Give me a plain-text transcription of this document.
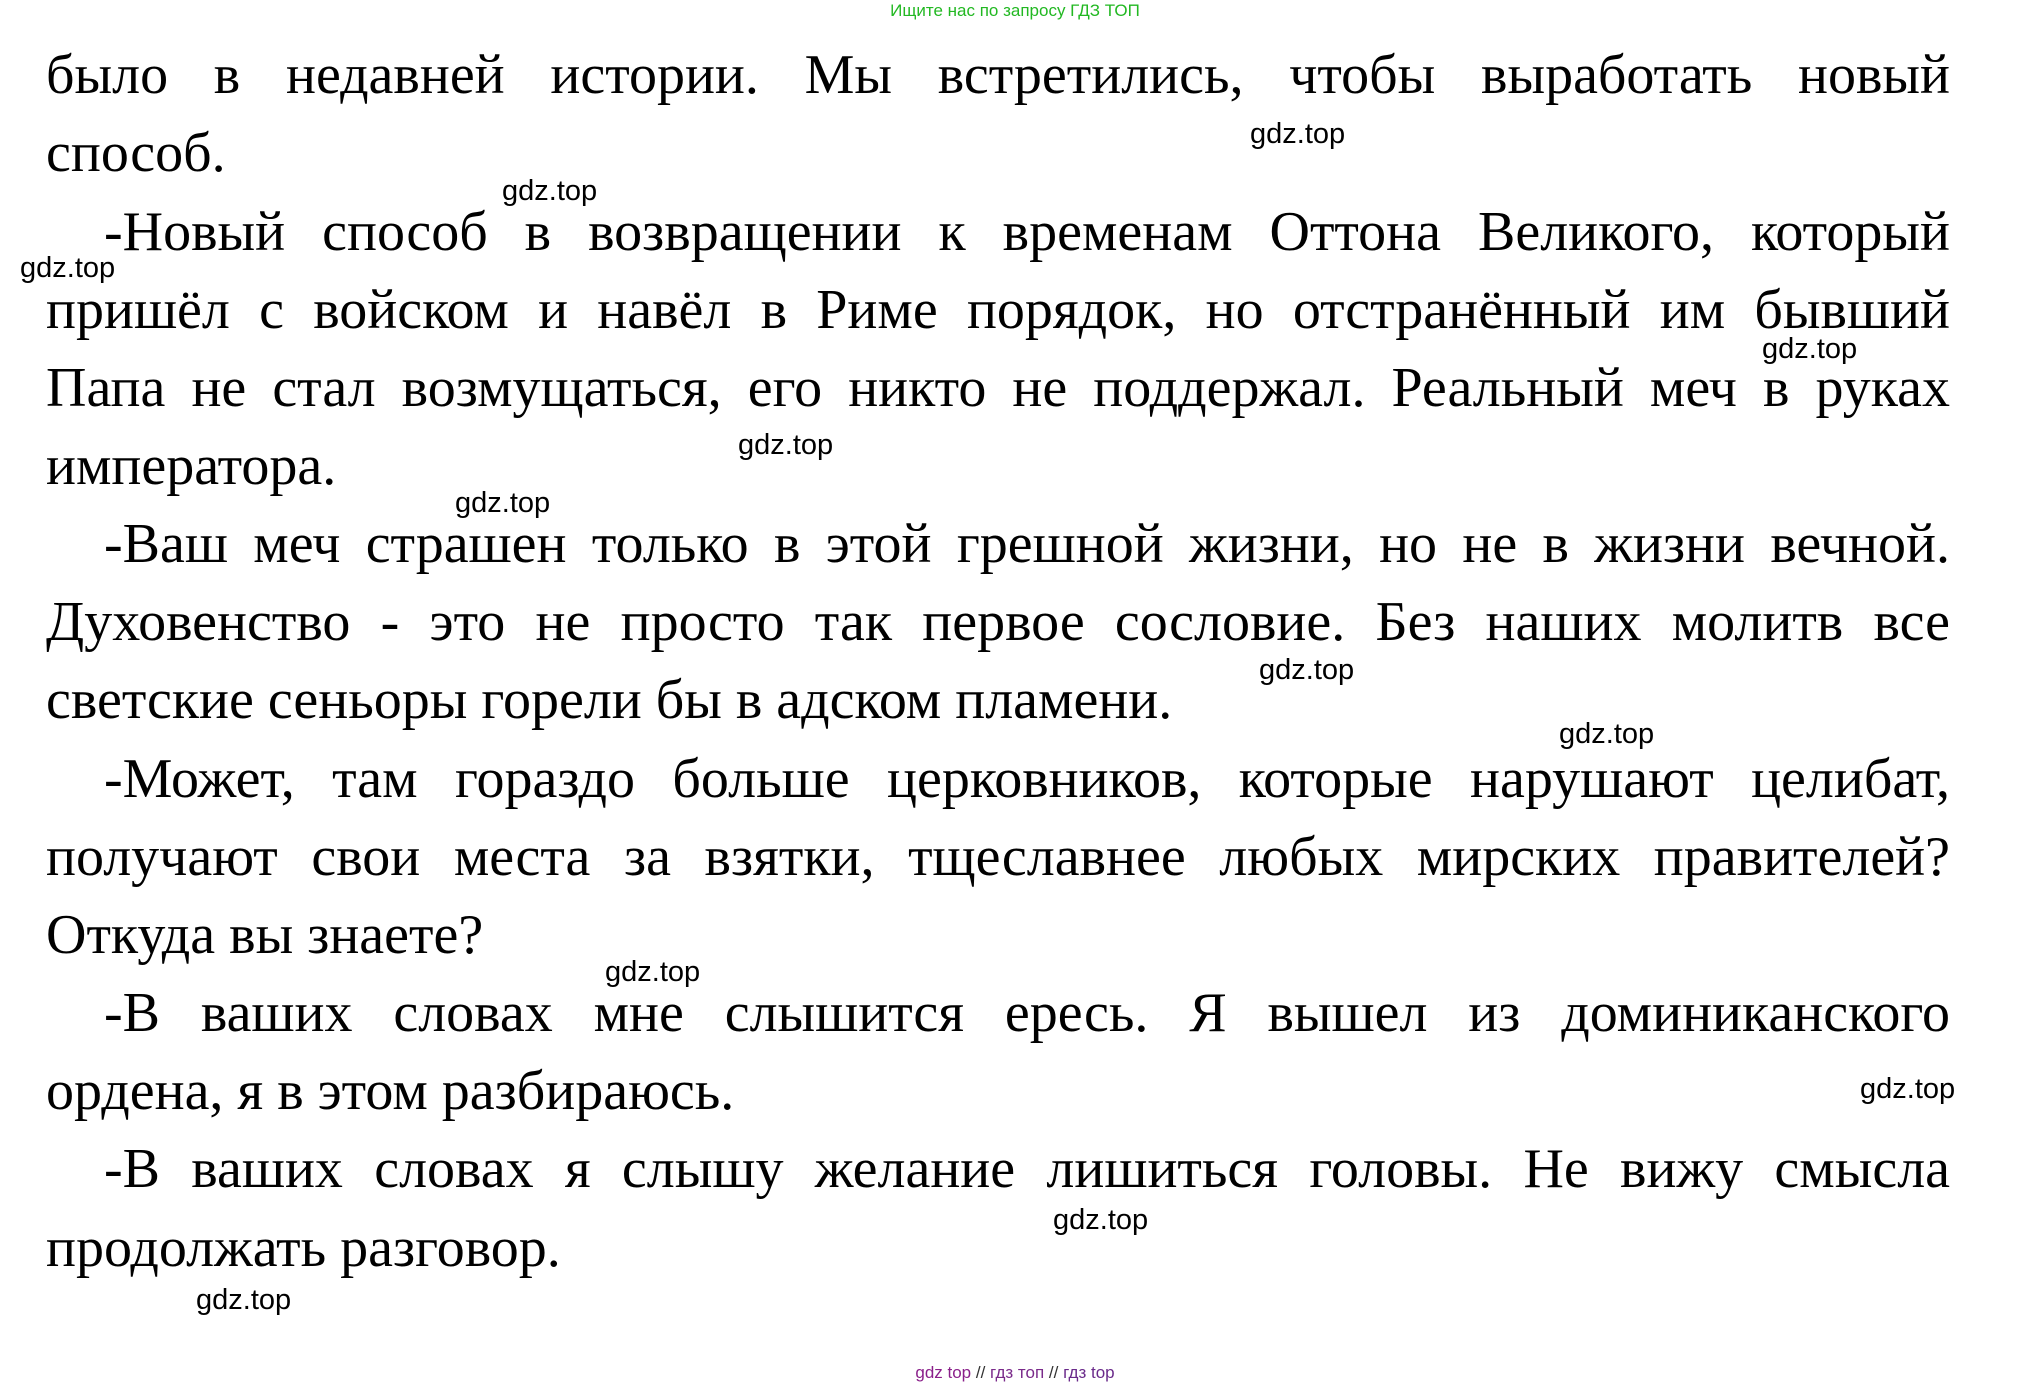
Ищите нас по запросу ГДЗ ТОП
было в недавней истории. Мы встретились, чтобы выработать новый
способ.
-Новый способ в возвращении к временам Оттона Великого, который
пришёл с войском и навёл в Риме порядок, но отстранённый им бывший
Папа не стал возмущаться, его никто не поддержал. Реальный меч в руках
императора.
-Ваш меч страшен только в этой грешной жизни, но не в жизни вечной.
Духовенство - это не просто так первое сословие. Без наших молитв все
светские сеньоры горели бы в адском пламени.
-Может, там гораздо больше церковников, которые нарушают целибат,
получают свои места за взятки, тщеславнее любых мирских правителей?
Откуда вы знаете?
-В ваших словах мне слышится ересь. Я вышел из доминиканского
ордена, я в этом разбираюсь.
-В ваших словах я слышу желание лишиться головы. Не вижу смысла
продолжать разговор.
gdz.top
gdz.top
gdz.top
gdz.top
gdz.top
gdz.top
gdz.top
gdz.top
gdz.top
gdz.top
gdz.top
gdz.top
gdz top // гдз топ // гдз top
